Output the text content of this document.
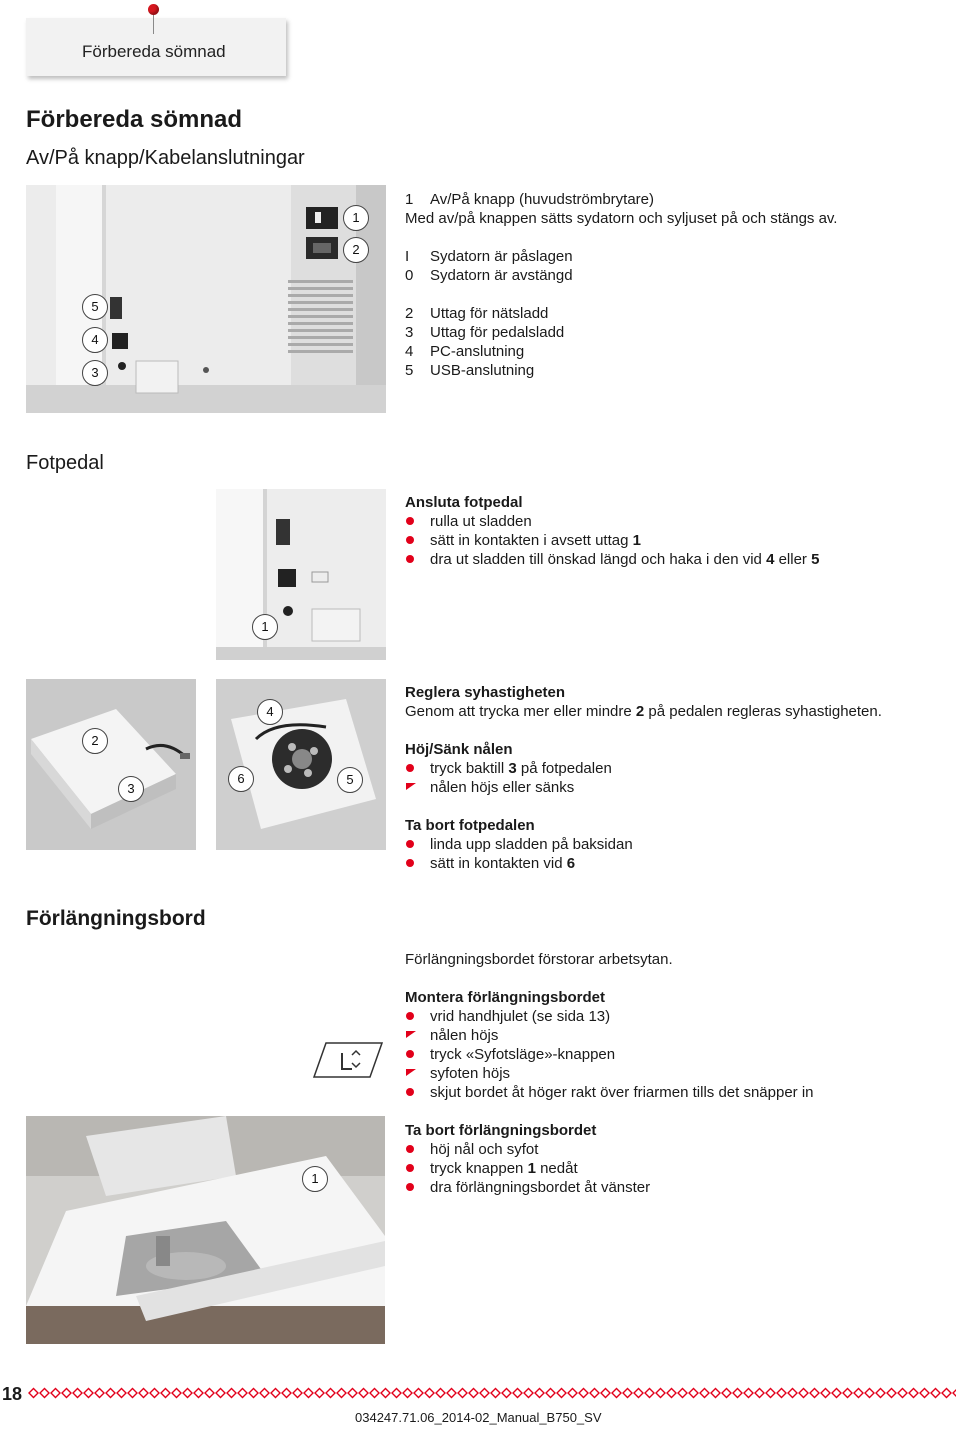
Förbereda sömnad
Förbereda sömnad
Av/På knapp/Kabelanslutningar
1
2
5
4
3
1	Av/På knapp (huvudströmbrytare)
Med av/på knappen sätts sydatorn och syljuset på och stängs av.
I	Sydatorn är påslagen
0	Sydatorn är avstängd
2	Uttag för nätsladd
3	Uttag för pedalsladd
4	PC-anslutning
5	USB-anslutning
Fotpedal
1
Ansluta fotpedal
rulla ut sladden
sätt in kontakten i avsett uttag 1
dra ut sladden till önskad längd och haka i den vid 4 eller 5
2
3
4
6	5
Reglera syhastigheten
Genom att trycka mer eller mindre 2 på pedalen regleras syhastigheten.
Höj/Sänk nålen
tryck baktill 3 på fotpedalen
nålen höjs eller sänks
Ta bort fotpedalen
linda upp sladden på baksidan
sätt in kontakten vid 6
Förlängningsbord
Förlängningsbordet förstorar arbetsytan.
1
Montera förlängningsbordet
vrid handhjulet (se sida 13)
nålen höjs
tryck «Syfotsläge»-knappen
syfoten höjs
skjut bordet åt höger rakt över friarmen tills det snäpper in
Ta bort förlängningsbordet
höj nål och syfot
tryck knappen 1 nedåt
dra förlängningsbordet åt vänster
18
034247.71.06_2014-02_Manual_B750_SV
